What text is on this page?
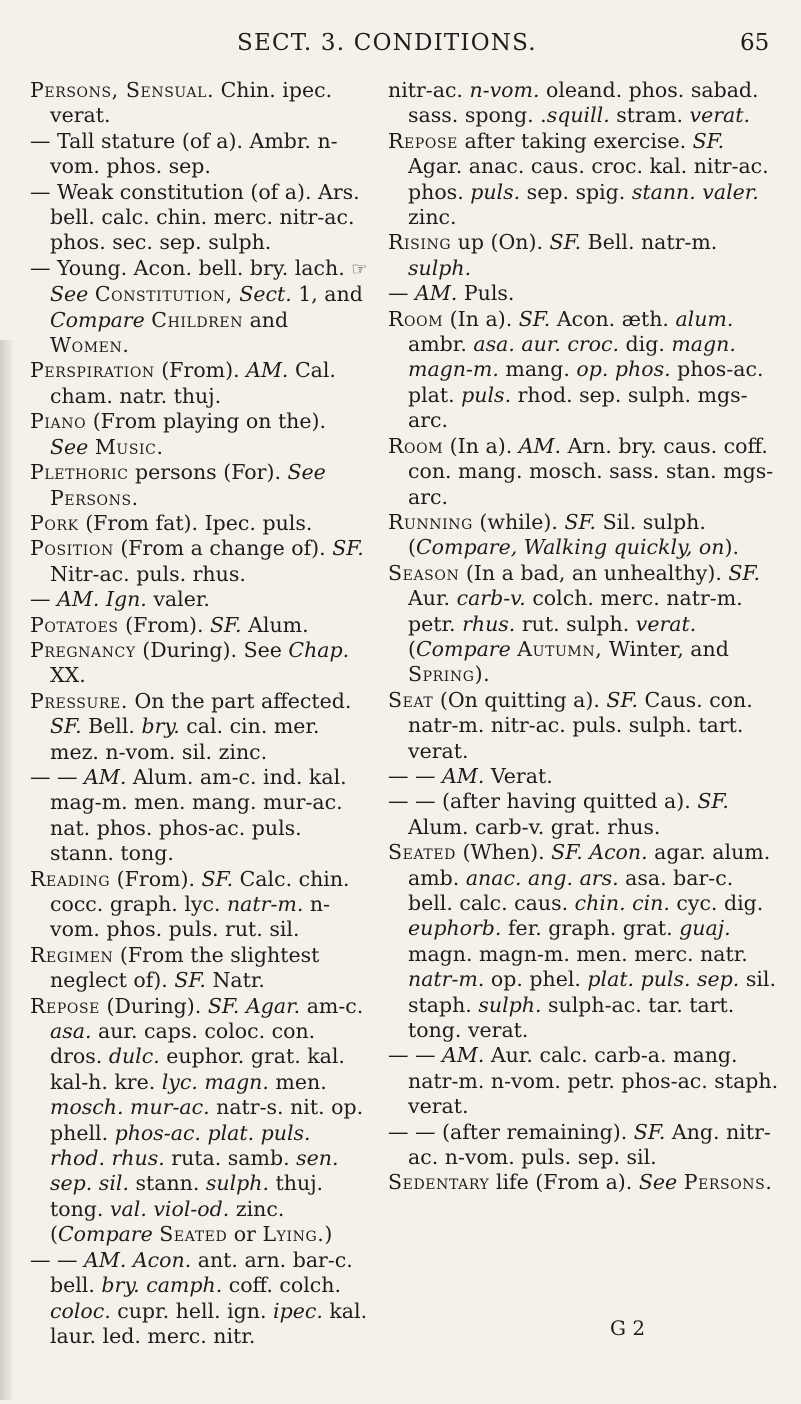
SECT. 3. CONDITIONS.	65

Persons, Sensual. Chin. ipec. verat.

— Tall stature (of a). Ambr. n-vom. phos. sep.

— Weak constitution (of a). Ars. bell. calc. chin. merc. nitr-ac. phos. sec. sep. sulph.

— Young. Acon. bell. bry. lach. ☞ See Constitution, Sect. 1, and Compare Children and Women.

Perspiration (From). AM. Cal. cham. natr. thuj.

Piano (From playing on the). See Music.

Plethoric persons (For). See Persons.

Pork (From fat). Ipec. puls.

Position (From a change of). SF. Nitr-ac. puls. rhus.

— AM. Ign. valer.

Potatoes (From). SF. Alum.

Pregnancy (During). See Chap. XX.

Pressure. On the part affected. SF. Bell. bry. cal. cin. mer. mez. n-vom. sil. zinc.

— — AM. Alum. am-c. ind. kal. mag-m. men. mang. mur-ac. nat. phos. phos-ac. puls. stann. tong.

Reading (From). SF. Calc. chin. cocc. graph. lyc. natr-m. n-vom. phos. puls. rut. sil.

Regimen (From the slightest neglect of). SF. Natr.

Repose (During). SF. Agar. am-c. asa. aur. caps. coloc. con. dros. dulc. euphor. grat. kal. kal-h. kre. lyc. magn. men. mosch. mur-ac. natr-s. nit. op. phell. phos-ac. plat. puls. rhod. rhus. ruta. samb. sen. sep. sil. stann. sulph. thuj. tong. val. viol-od. zinc. (Compare Seated or Lying.)

— — AM. Acon. ant. arn. bar-c. bell. bry. camph. coff. colch. coloc. cupr. hell. ign. ipec. kal. laur. led. merc. nitr.

nitr-ac. n-vom. oleand. phos. sabad. sass. spong. .squill. stram. verat.

Repose after taking exercise. SF. Agar. anac. caus. croc. kal. nitr-ac. phos. puls. sep. spig. stann. valer. zinc.

Rising up (On). SF. Bell. natr-m. sulph.

— AM. Puls.

Room (In a). SF. Acon. æth. alum. ambr. asa. aur. croc. dig. magn. magn-m. mang. op. phos. phos-ac. plat. puls. rhod. sep. sulph. mgs-arc.

Room (In a). AM. Arn. bry. caus. coff. con. mang. mosch. sass. stan. mgs-arc.

Running (while). SF. Sil. sulph. (Compare, Walking quickly, on).

Season (In a bad, an unhealthy). SF. Aur. carb-v. colch. merc. natr-m. petr. rhus. rut. sulph. verat. (Compare Autumn, Winter, and Spring).

Seat (On quitting a). SF. Caus. con. natr-m. nitr-ac. puls. sulph. tart. verat.

— — AM. Verat.

— — (after having quitted a). SF. Alum. carb-v. grat. rhus.

Seated (When). SF. Acon. agar. alum. amb. anac. ang. ars. asa. bar-c. bell. calc. caus. chin. cin. cyc. dig. euphorb. fer. graph. grat. guaj. magn. magn-m. men. merc. natr. natr-m. op. phel. plat. puls. sep. sil. staph. sulph. sulph-ac. tar. tart. tong. verat.

— — AM. Aur. calc. carb-a. mang. natr-m. n-vom. petr. phos-ac. staph. verat.

— — (after remaining). SF. Ang. nitr-ac. n-vom. puls. sep. sil.

Sedentary life (From a). See Persons.

G 2
